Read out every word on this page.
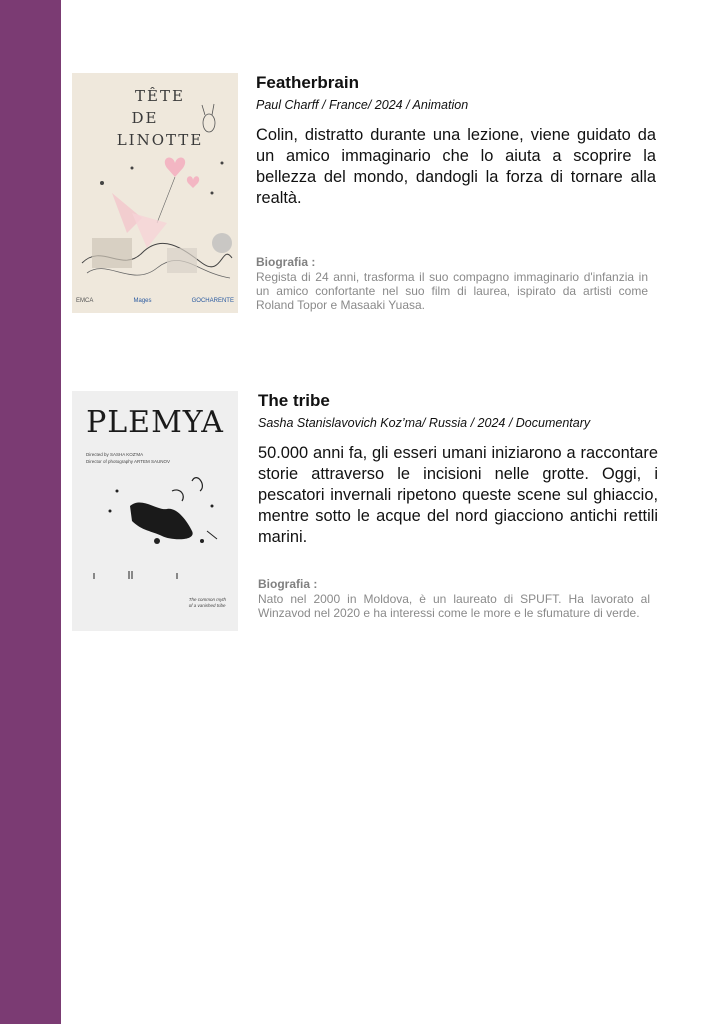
TÊTE
DE
LINOTTE
EMCA	Mages	GOCHARENTE
Featherbrain

Paul Charff / France/ 2024 / Animation

Colin, distratto durante una lezione, viene guidato da un amico immaginario che lo aiuta a scoprire la bellezza del mondo, dandogli la forza di tornare alla realtà.

Biografia :

Regista di 24 anni, trasforma il suo compagno immaginario d'infanzia in un amico confortante nel suo film di laurea, ispirato da artisti come Roland Topor e Masaaki Yuasa.

PLEMYA
Directed by SASHA KOZ'MA
Director of photography ARTEM SAUNOV
The common myth
of a vanished tribe
The tribe

Sasha Stanislavovich Koz’ma/ Russia / 2024 / Documentary

50.000 anni fa, gli esseri umani iniziarono a raccontare storie attraverso le incisioni nelle grotte. Oggi, i pescatori invernali ripetono queste scene sul ghiaccio, mentre sotto le acque del nord giacciono antichi rettili marini.

Biografia :

Nato nel 2000 in Moldova, è un laureato di SPUFT. Ha lavorato al Winzavod nel 2020 e ha interessi come le more e le sfumature di verde.
